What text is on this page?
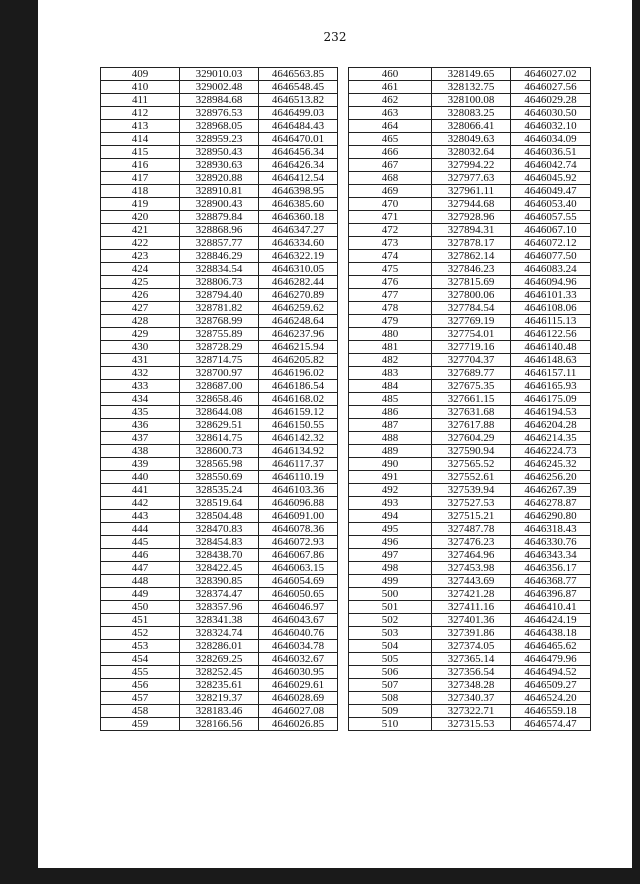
232
409	329010.03	4646563.85
410	329002.48	4646548.45
411	328984.68	4646513.82
412	328976.53	4646499.03
413	328968.05	4646484.43
414	328959.23	4646470.01
415	328950.43	4646456.34
416	328930.63	4646426.34
417	328920.88	4646412.54
418	328910.81	4646398.95
419	328900.43	4646385.60
420	328879.84	4646360.18
421	328868.96	4646347.27
422	328857.77	4646334.60
423	328846.29	4646322.19
424	328834.54	4646310.05
425	328806.73	4646282.44
426	328794.40	4646270.89
427	328781.82	4646259.62
428	328768.99	4646248.64
429	328755.89	4646237.96
430	328728.29	4646215.94
431	328714.75	4646205.82
432	328700.97	4646196.02
433	328687.00	4646186.54
434	328658.46	4646168.02
435	328644.08	4646159.12
436	328629.51	4646150.55
437	328614.75	4646142.32
438	328600.73	4646134.92
439	328565.98	4646117.37
440	328550.69	4646110.19
441	328535.24	4646103.36
442	328519.64	4646096.88
443	328504.48	4646091.00
444	328470.83	4646078.36
445	328454.83	4646072.93
446	328438.70	4646067.86
447	328422.45	4646063.15
448	328390.85	4646054.69
449	328374.47	4646050.65
450	328357.96	4646046.97
451	328341.38	4646043.67
452	328324.74	4646040.76
453	328286.01	4646034.78
454	328269.25	4646032.67
455	328252.45	4646030.95
456	328235.61	4646029.61
457	328219.37	4646028.69
458	328183.46	4646027.08
459	328166.56	4646026.85
460	328149.65	4646027.02
461	328132.75	4646027.56
462	328100.08	4646029.28
463	328083.25	4646030.50
464	328066.41	4646032.10
465	328049.63	4646034.09
466	328032.64	4646036.51
467	327994.22	4646042.74
468	327977.63	4646045.92
469	327961.11	4646049.47
470	327944.68	4646053.40
471	327928.96	4646057.55
472	327894.31	4646067.10
473	327878.17	4646072.12
474	327862.14	4646077.50
475	327846.23	4646083.24
476	327815.69	4646094.96
477	327800.06	4646101.33
478	327784.54	4646108.06
479	327769.19	4646115.13
480	327754.01	4646122.56
481	327719.16	4646140.48
482	327704.37	4646148.63
483	327689.77	4646157.11
484	327675.35	4646165.93
485	327661.15	4646175.09
486	327631.68	4646194.53
487	327617.88	4646204.28
488	327604.29	4646214.35
489	327590.94	4646224.73
490	327565.52	4646245.32
491	327552.61	4646256.20
492	327539.94	4646267.39
493	327527.53	4646278.87
494	327515.21	4646290.80
495	327487.78	4646318.43
496	327476.23	4646330.76
497	327464.96	4646343.34
498	327453.98	4646356.17
499	327443.69	4646368.77
500	327421.28	4646396.87
501	327411.16	4646410.41
502	327401.36	4646424.19
503	327391.86	4646438.18
504	327374.05	4646465.62
505	327365.14	4646479.96
506	327356.54	4646494.52
507	327348.28	4646509.27
508	327340.37	4646524.20
509	327322.71	4646559.18
510	327315.53	4646574.47
